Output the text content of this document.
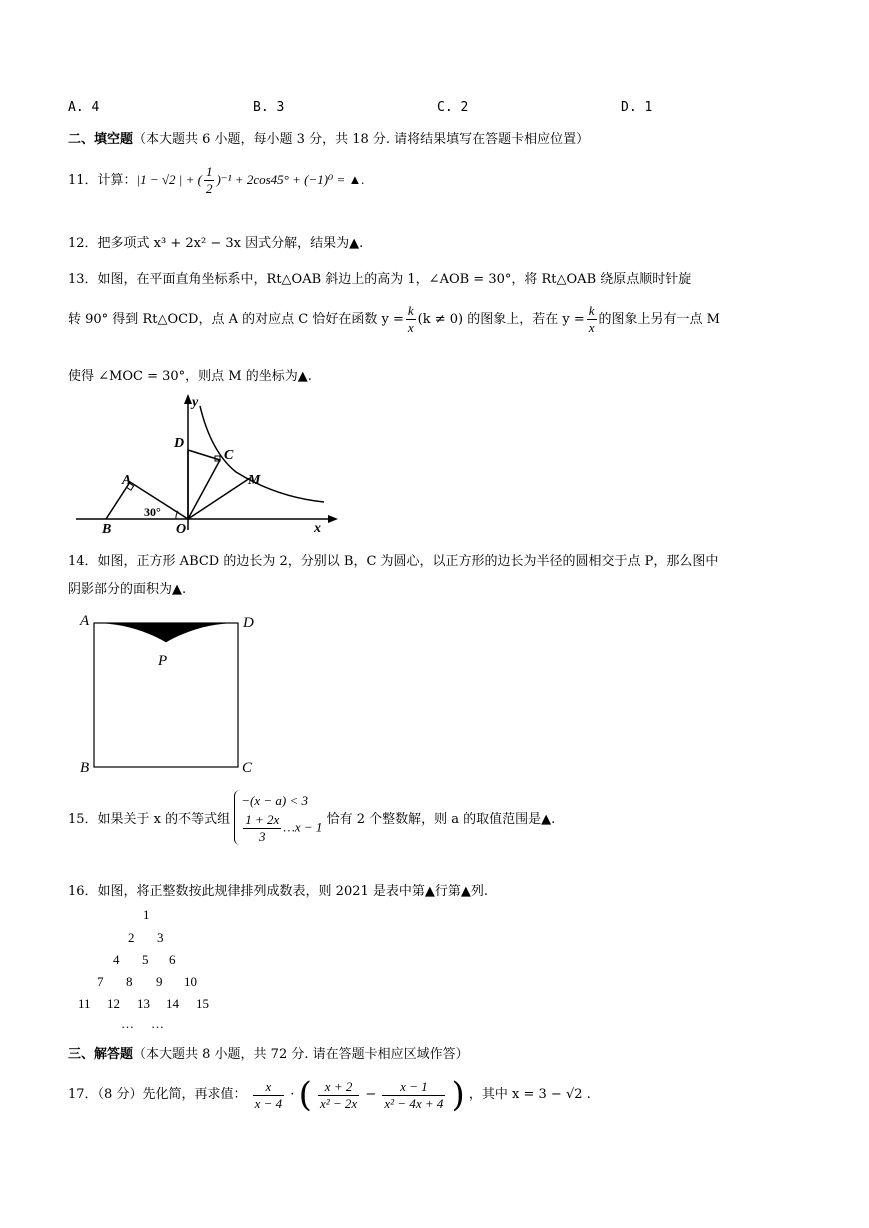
A. 4	B. 3	C. 2	D. 1
二、填空题（本大题共 6 小题，每小题 3 分，共 18 分. 请将结果填写在答题卡相应位置）
11．计算：|1 − √2 | + ( $\frac{1}{2} )^{-1} + 2\cos 45^\circ + (-1)^0$ = ▲.
12．把多项式 x³ + 2x² − 3x 因式分解，结果为▲.
13．如图，在平面直角坐标系中，Rt△OAB 斜边上的高为 1，∠AOB = 30°，将 Rt△OAB 绕原点顺时针旋
转 90° 得到 Rt△OCD，点 A 的对应点 C 恰好在函数 $y = \frac{k}{x} (k \ne 0)$ 的图象上，若在 $y = \frac{k}{x}$ 的图象上另有一点 M
使得 ∠MOC = 30°，则点 M 的坐标为▲.
y
x
D
C
A	M
B	O
30°
14．如图，正方形 ABCD 的边长为 2，分别以 B，C 为圆心，以正方形的边长为半径的圆相交于点 P，那么图中
阴影部分的面积为▲.
A	D
P
B	C
15．如果关于 x 的不等式组
−(x − a) < 3
$\frac{1 + 2x}{3}$ …x − 1 恰有 2 个整数解，则 a 的取值范围是▲.
16．如图，将正整数按此规律排列成数表，则 2021 是表中第▲行第▲列.
1
2 3
4 5 6
7 8 9 10
11 12 13 14 15
… …
三、解答题（本大题共 8 小题，共 72 分. 请在答题卡相应区域作答）
17．（8 分）先化简，再求值： $\frac{x}{x - 4}$ · ( $\frac{x + 2}{\text{x² − 2x}} - \frac{x - 1}{\text{x² − 4x + 4}}$ ) ，其中 x = 3 − √2 .
